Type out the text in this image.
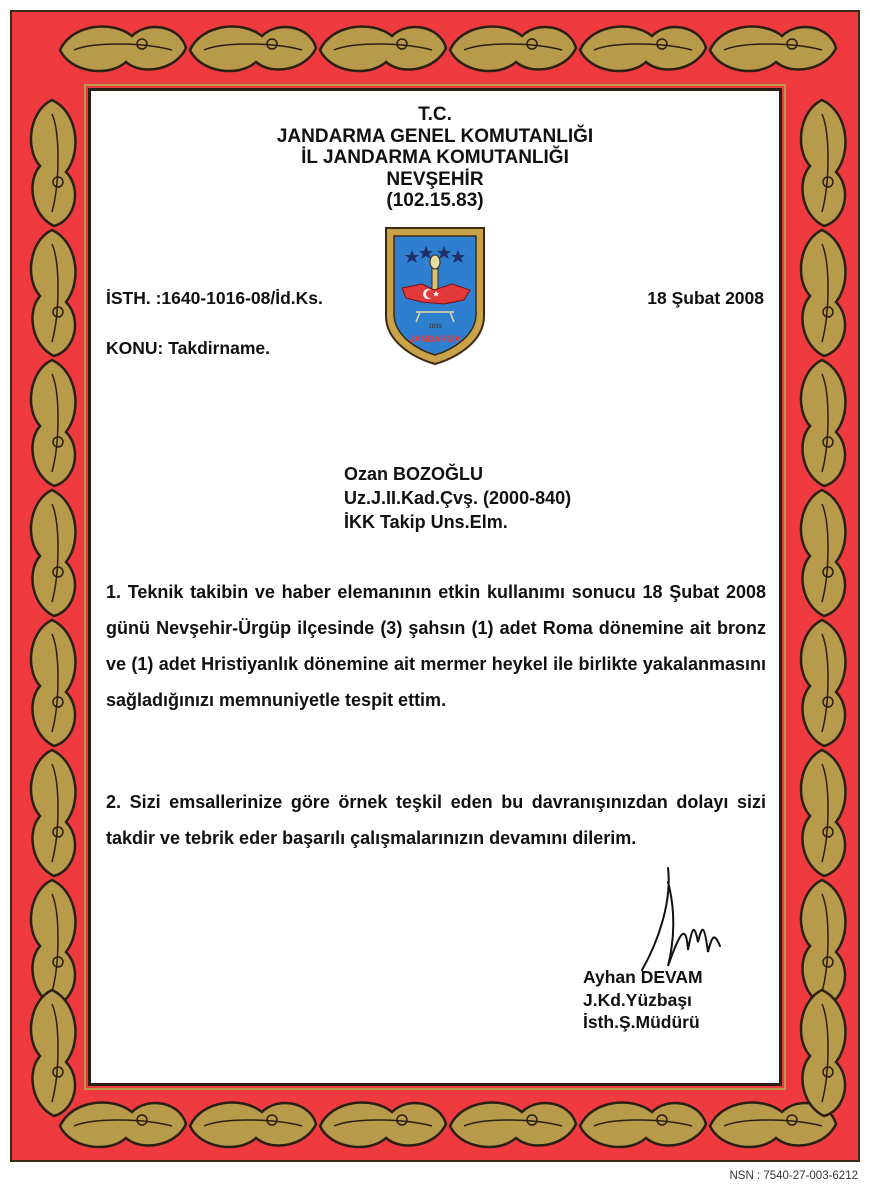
T.C.
JANDARMA GENEL KOMUTANLIĞI
İL JANDARMA KOMUTANLIĞI
NEVŞEHİR
(102.15.83)
JANDARMA
1839
İSTH. :1640-1016-08/İd.Ks.	18 Şubat 2008
KONU: Takdirname.
Ozan BOZOĞLU
Uz.J.II.Kad.Çvş. (2000-840)
İKK Takip Uns.Elm.
1. Teknik takibin ve haber elemanının etkin kullanımı sonucu 18 Şubat 2008 günü Nevşehir-Ürgüp ilçesinde (3) şahsın (1) adet Roma dönemine ait bronz ve (1) adet Hristiyanlık dönemine ait mermer heykel ile birlikte yakalanmasını sağladığınızı memnuniyetle tespit ettim.
2. Sizi emsallerinize göre örnek teşkil eden bu davranışınızdan dolayı sizi takdir ve tebrik eder başarılı çalışmalarınızın devamını dilerim.
Ayhan DEVAM
J.Kd.Yüzbaşı
İsth.Ş.Müdürü
NSN : 7540-27-003-6212
